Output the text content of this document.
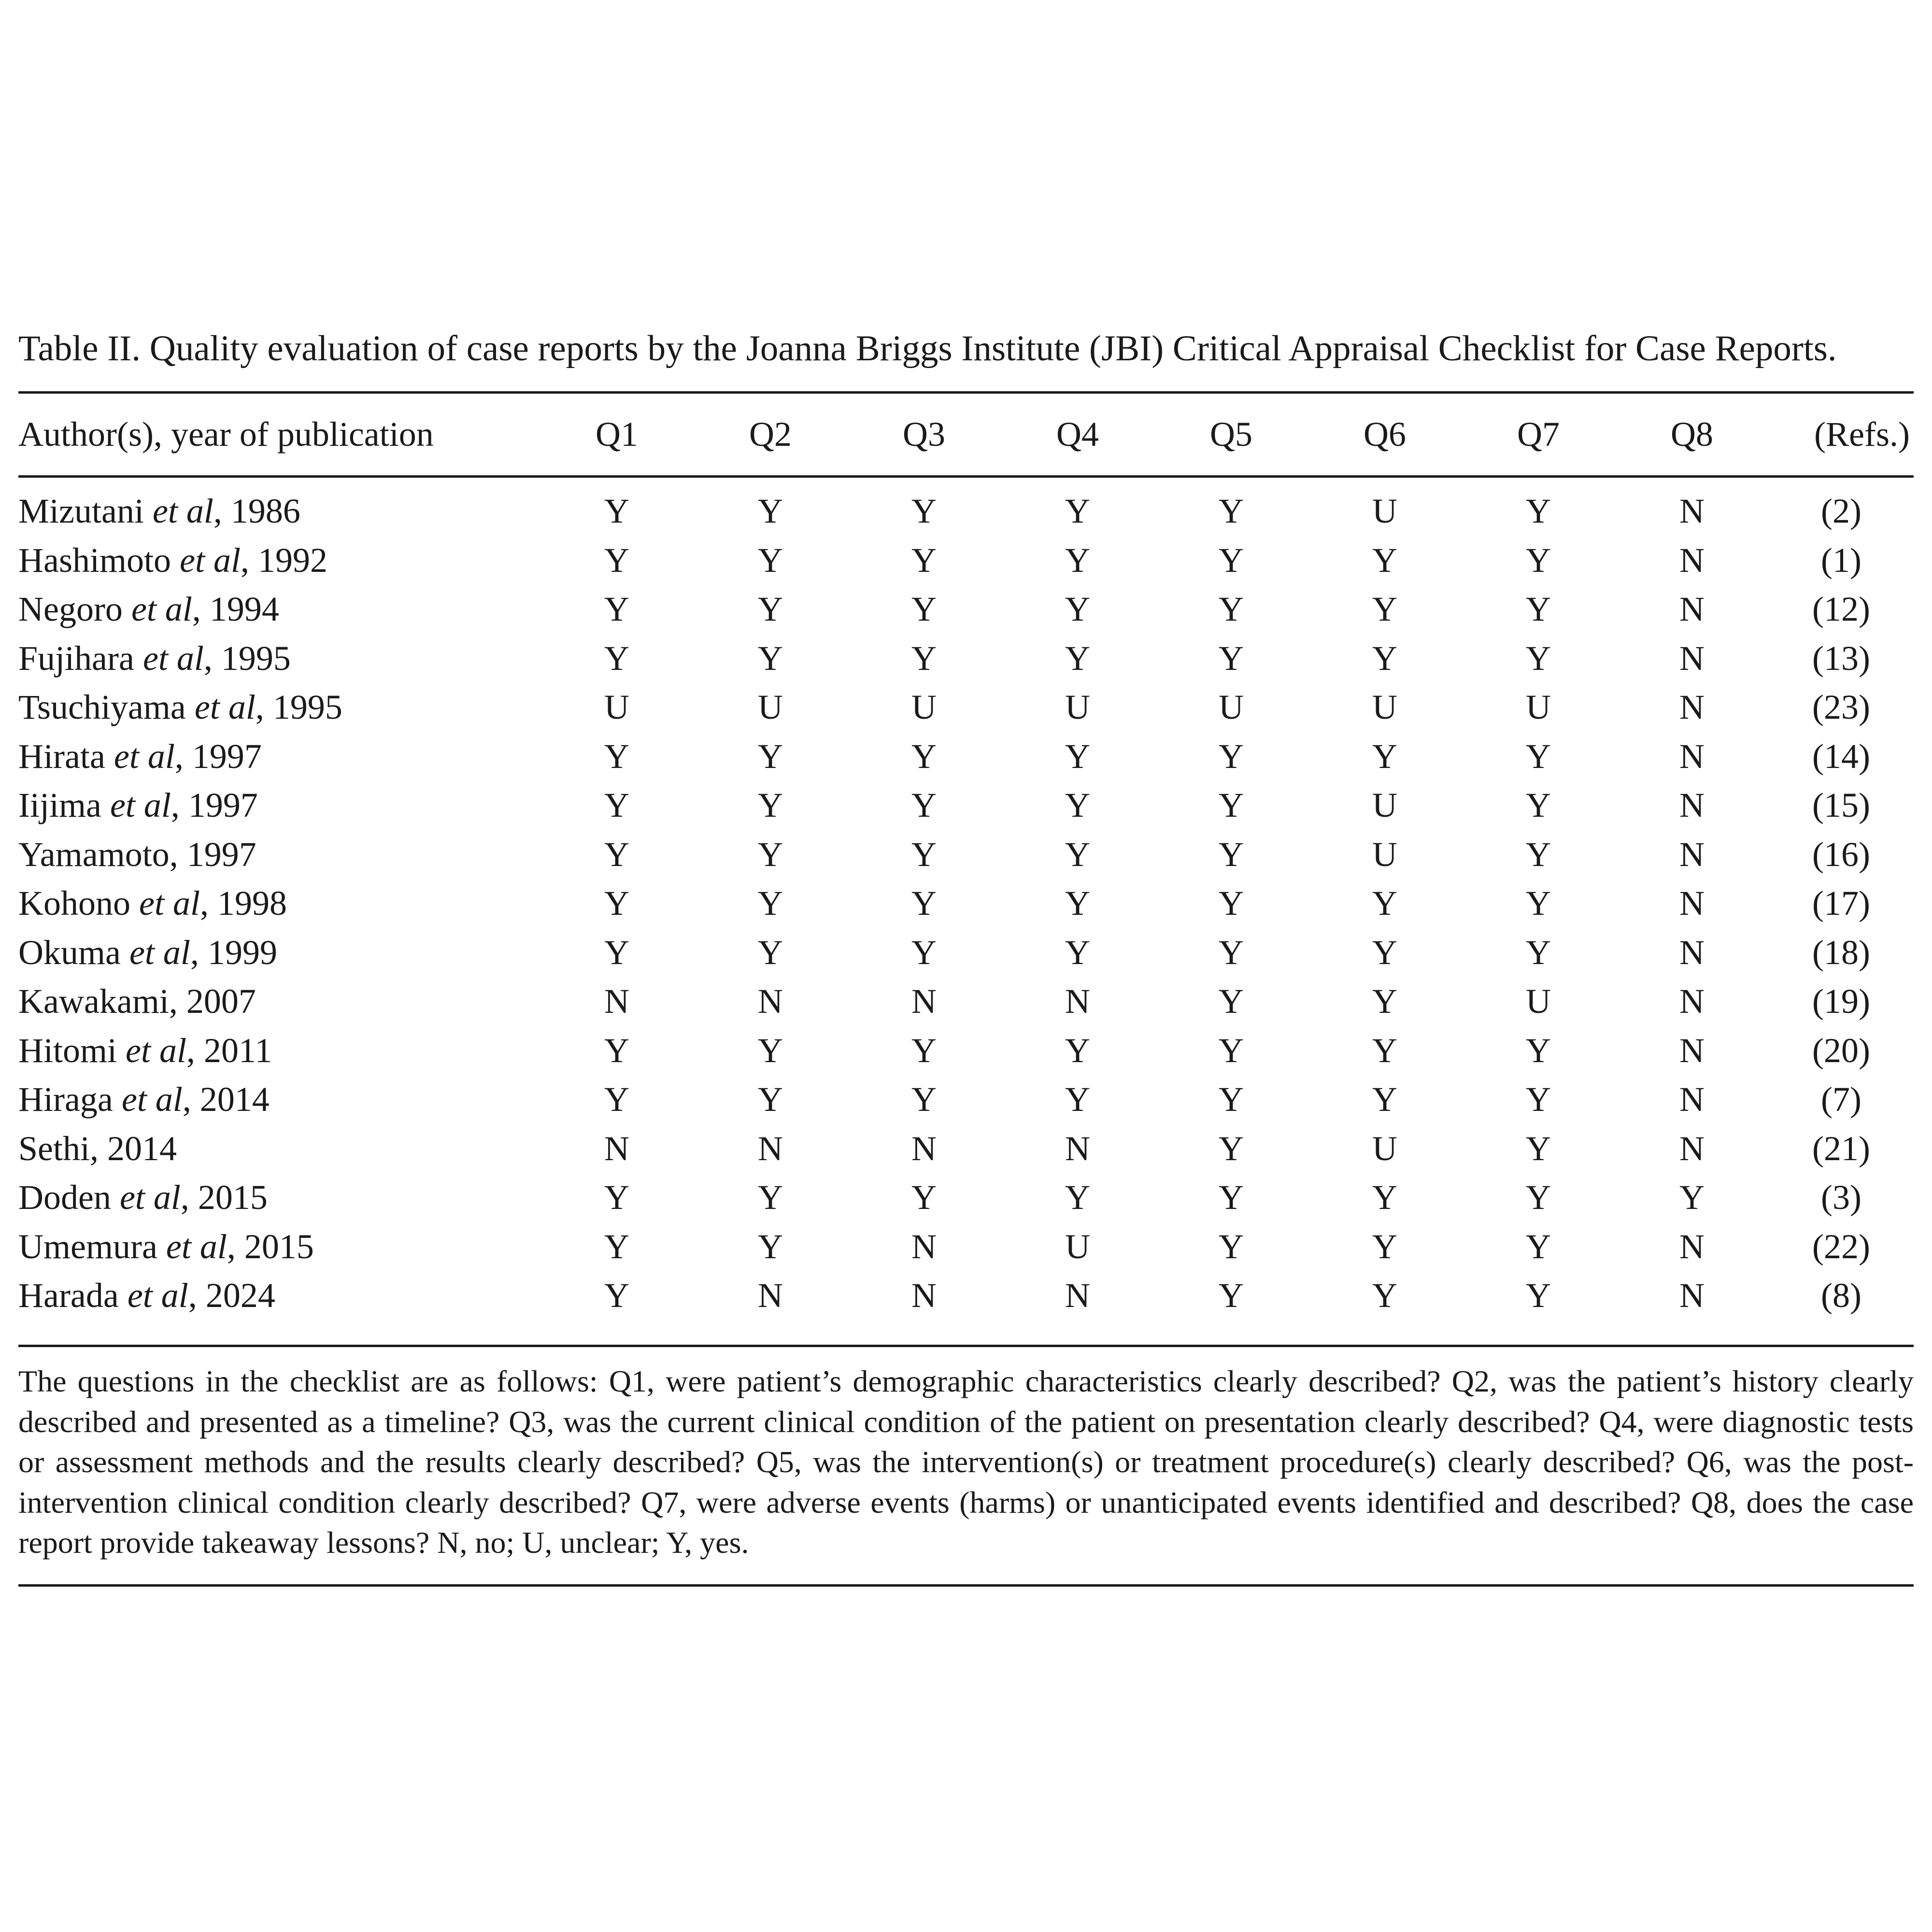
Table II. Quality evaluation of case reports by the Joanna Briggs Institute (JBI) Critical Appraisal Checklist for Case Reports.
Author(s), year of publication	Q1	Q2	Q3	Q4	Q5	Q6	Q7	Q8	(Refs.)

Mizutani et al, 1986	Y	Y	Y	Y	Y	U	Y	N	(2)
Hashimoto et al, 1992	Y	Y	Y	Y	Y	Y	Y	N	(1)
Negoro et al, 1994	Y	Y	Y	Y	Y	Y	Y	N	(12)
Fujihara et al, 1995	Y	Y	Y	Y	Y	Y	Y	N	(13)
Tsuchiyama et al, 1995	U	U	U	U	U	U	U	N	(23)
Hirata et al, 1997	Y	Y	Y	Y	Y	Y	Y	N	(14)
Iijima et al, 1997	Y	Y	Y	Y	Y	U	Y	N	(15)
Yamamoto, 1997	Y	Y	Y	Y	Y	U	Y	N	(16)
Kohono et al, 1998	Y	Y	Y	Y	Y	Y	Y	N	(17)
Okuma et al, 1999	Y	Y	Y	Y	Y	Y	Y	N	(18)
Kawakami, 2007	N	N	N	N	Y	Y	U	N	(19)
Hitomi et al, 2011	Y	Y	Y	Y	Y	Y	Y	N	(20)
Hiraga et al, 2014	Y	Y	Y	Y	Y	Y	Y	N	(7)
Sethi, 2014	N	N	N	N	Y	U	Y	N	(21)
Doden et al, 2015	Y	Y	Y	Y	Y	Y	Y	Y	(3)
Umemura et al, 2015	Y	Y	N	U	Y	Y	Y	N	(22)
Harada et al, 2024	Y	N	N	N	Y	Y	Y	N	(8)
The questions in the checklist are as follows: Q1, were patient’s demographic characteristics clearly described? Q2, was the patient’s history clearly described and presented as a timeline? Q3, was the current clinical condition of the patient on presentation clearly described? Q4, were diagnostic tests or assessment methods and the results clearly described? Q5, was the intervention(s) or treatment procedure(s) clearly described? Q6, was the post-intervention clinical condition clearly described? Q7, were adverse events (harms) or unanticipated events identified and described? Q8, does the case report provide takeaway lessons? N, no; U, unclear; Y, yes.
